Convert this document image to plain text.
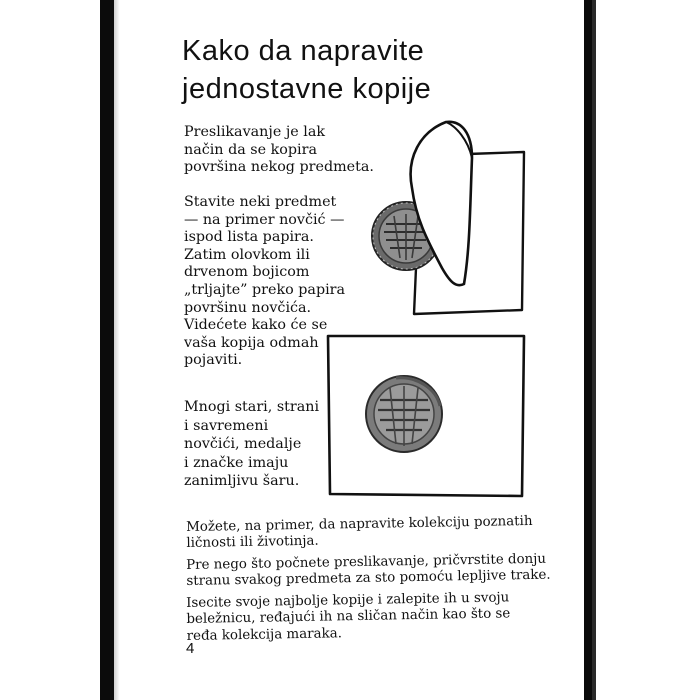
Kako da napravite
jednostavne kopije

Preslikavanje je lak
način da se kopira
površina nekog predmeta.

Stavite neki predmet
— na primer novčić —
ispod lista papira.
Zatim olovkom ili
drvenom bojicom
„trljajte” preko papira
površinu novčića.
Videćete kako će se
vaša kopija odmah
pojaviti.

Mnogi stari, strani
i savremeni
novčići, medalje
i značke imaju
zanimljivu šaru.

Možete, na primer, da napravite kolekciju poznatih
ličnosti ili životinja.

Pre nego što počnete preslikavanje, pričvrstite donju
stranu svakog predmeta za sto pomoću lepljive trake.

Isecite svoje najbolje kopije i zalepite ih u svoju
beležnicu, ređajući ih na sličan način kao što se
ređa kolekcija maraka.

4
